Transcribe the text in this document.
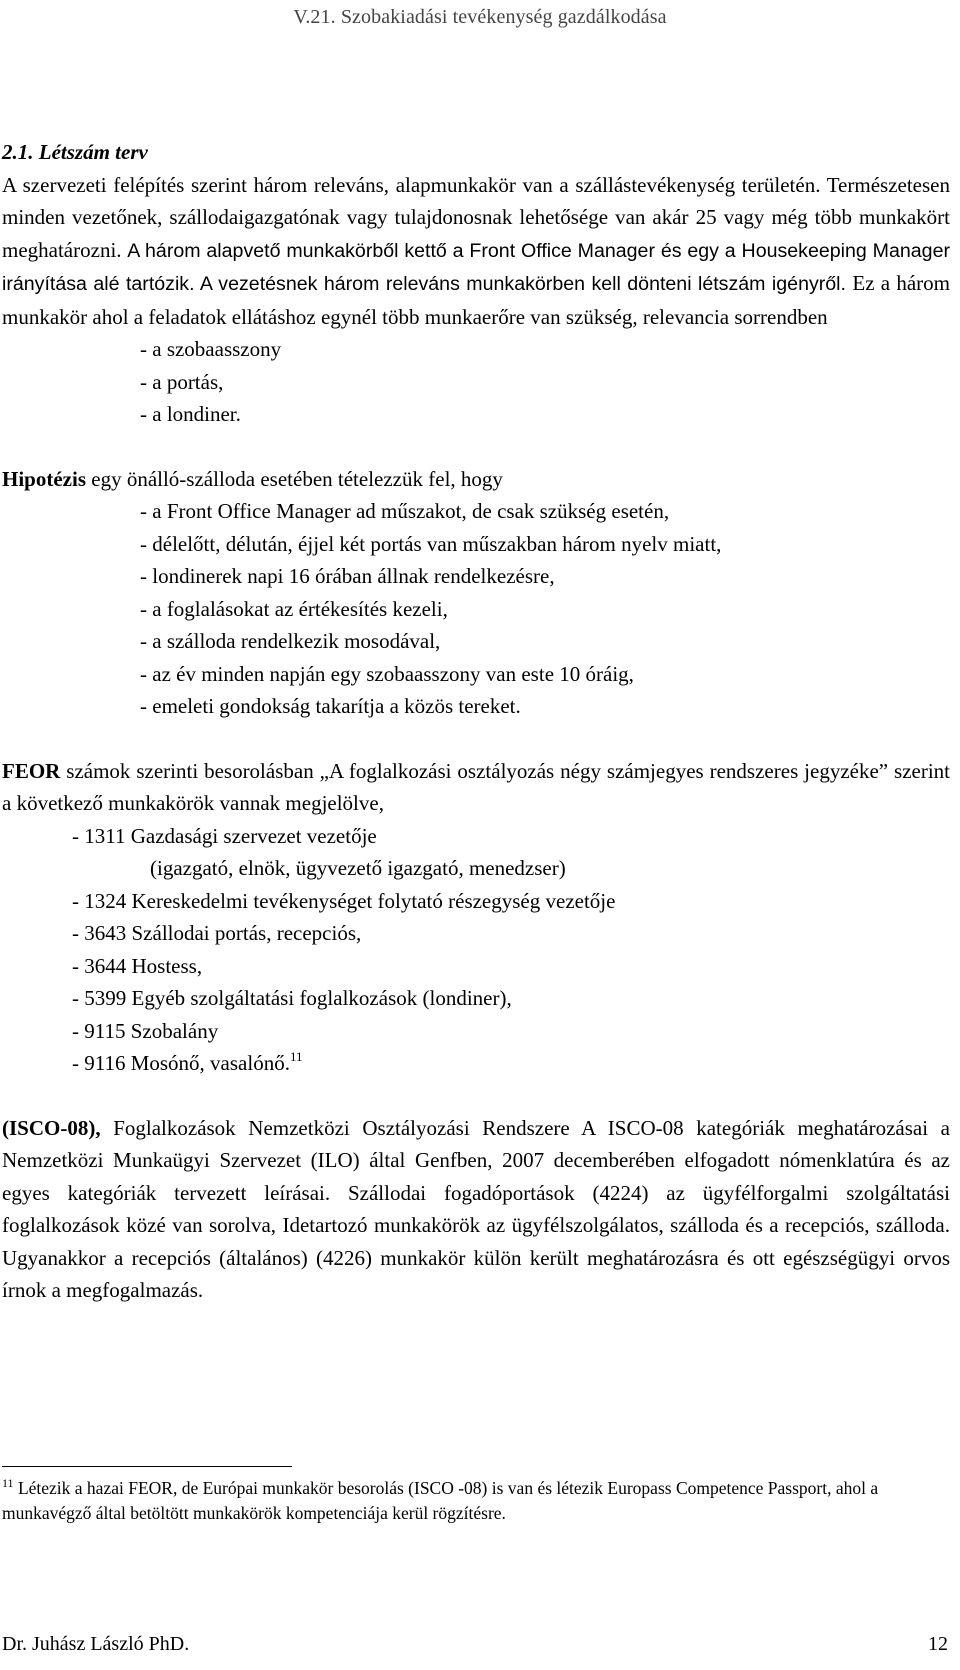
V.21. Szobakiadási tevékenység gazdálkodása

2.1. Létszám terv

A szervezeti felépítés szerint három releváns, alapmunkakör van a szállástevékenység területén. Természetesen minden vezetőnek, szállodaigazgatónak vagy tulajdonosnak lehetősége van akár 25 vagy még több munkakört meghatározni. A három alapvető munkakörből kettő a Front Office Manager és egy a Housekeeping Manager irányítása alé tartózik. A vezetésnek három releváns munkakörben kell dönteni létszám igényről. Ez a három munkakör ahol a feladatok ellátáshoz egynél több munkaerőre van szükség, relevancia sorrendben

- a szobaasszony
- a portás,
- a londiner.

Hipotézis egy önálló-szálloda esetében tételezzük fel, hogy

- a Front Office Manager ad műszakot, de csak szükség esetén,
- délelőtt, délután, éjjel két portás van műszakban három nyelv miatt,
- londinerek napi 16 órában állnak rendelkezésre,
- a foglalásokat az értékesítés kezeli,
- a szálloda rendelkezik mosodával,
- az év minden napján egy szobaasszony van este 10 óráig,
- emeleti gondokság takarítja a közös tereket.

FEOR számok szerinti besorolásban „A foglalkozási osztályozás négy számjegyes rendszeres jegyzéke” szerint a következő munkakörök vannak megjelölve,

- 1311 Gazdasági szervezet vezetője
(igazgató, elnök, ügyvezető igazgató, menedzser)
- 1324 Kereskedelmi tevékenységet folytató részegység vezetője
- 3643 Szállodai portás, recepciós,
- 3644 Hostess,
- 5399 Egyéb szolgáltatási foglalkozások (londiner),
- 9115 Szobalány
- 9116 Mosónő, vasalónő.$^{11}$

(ISCO-08), Foglalkozások Nemzetközi Osztályozási Rendszere A ISCO-08 kategóriák meghatározásai a Nemzetközi Munkaügyi Szervezet (ILO) által Genfben, 2007 decemberében elfogadott nómenklatúra és az egyes kategóriák tervezett leírásai. Szállodai fogadóportások (4224) az ügyfélforgalmi szolgáltatási foglalkozások közé van sorolva, Idetartozó munkakörök az ügyfélszolgálatos, szálloda és a recepciós, szálloda. Ugyanakkor a recepciós (általános) (4226) munkakör külön került meghatározásra és ott egészségügyi orvos írnok a megfogalmazás.

$^{11}$ Létezik a hazai FEOR, de Európai munkakör besorolás (ISCO -08) is van és létezik Europass Competence Passport, ahol a munkavégző által betöltött munkakörök kompetenciája kerül rögzítésre.
Dr. Juhász László PhD.	12
